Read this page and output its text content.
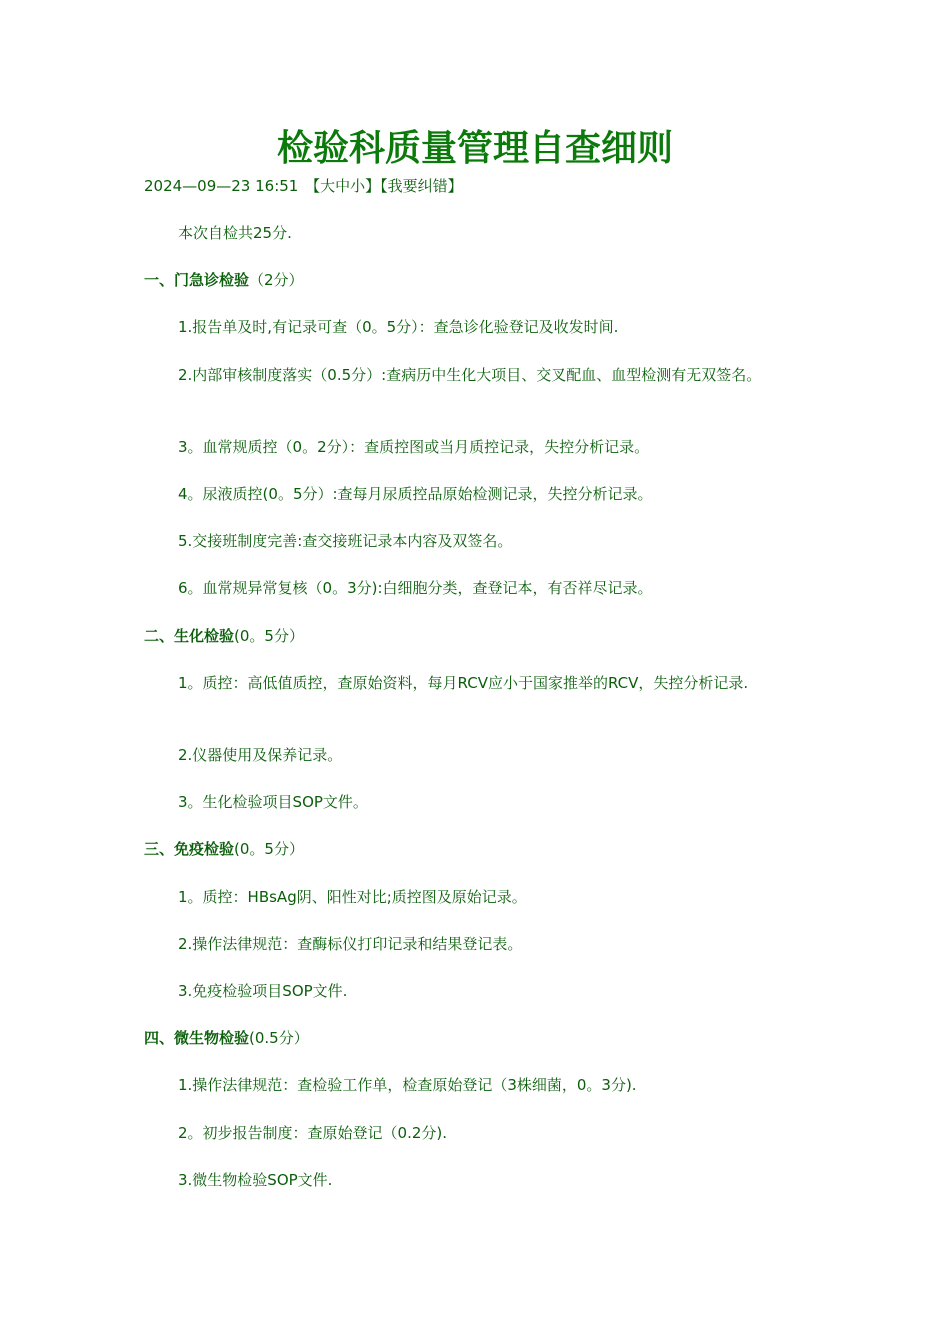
检验科质量管理自查细则
2024—09—23 16:51 【大中小】【我要纠错】

本次自检共25分.

一、门急诊检验（2分）

1.报告单及时,有记录可查（0。5分）：查急诊化验登记及收发时间.

2.内部审核制度落实（0.5分）:查病历中生化大项目、交叉配血、血型检测有无双签名。

3。血常规质控（0。2分）：查质控图或当月质控记录，失控分析记录。

4。尿液质控(0。5分）:查每月尿质控品原始检测记录，失控分析记录。

5.交接班制度完善:查交接班记录本内容及双签名。

6。血常规异常复核（0。3分):白细胞分类，查登记本，有否祥尽记录。

二、生化检验(0。5分）

1。质控：高低值质控，查原始资料，每月RCV应小于国家推举的RCV，失控分析记录.

2.仪器使用及保养记录。

3。生化检验项目SOP文件。

三、免疫检验(0。5分）

1。质控：HBsAg阴、阳性对比;质控图及原始记录。

2.操作法律规范：查酶标仪打印记录和结果登记表。

3.免疫检验项目SOP文件.

四、微生物检验(0.5分）

1.操作法律规范：查检验工作单，检查原始登记（3株细菌，0。3分).

2。初步报告制度：查原始登记（0.2分).

3.微生物检验SOP文件.
